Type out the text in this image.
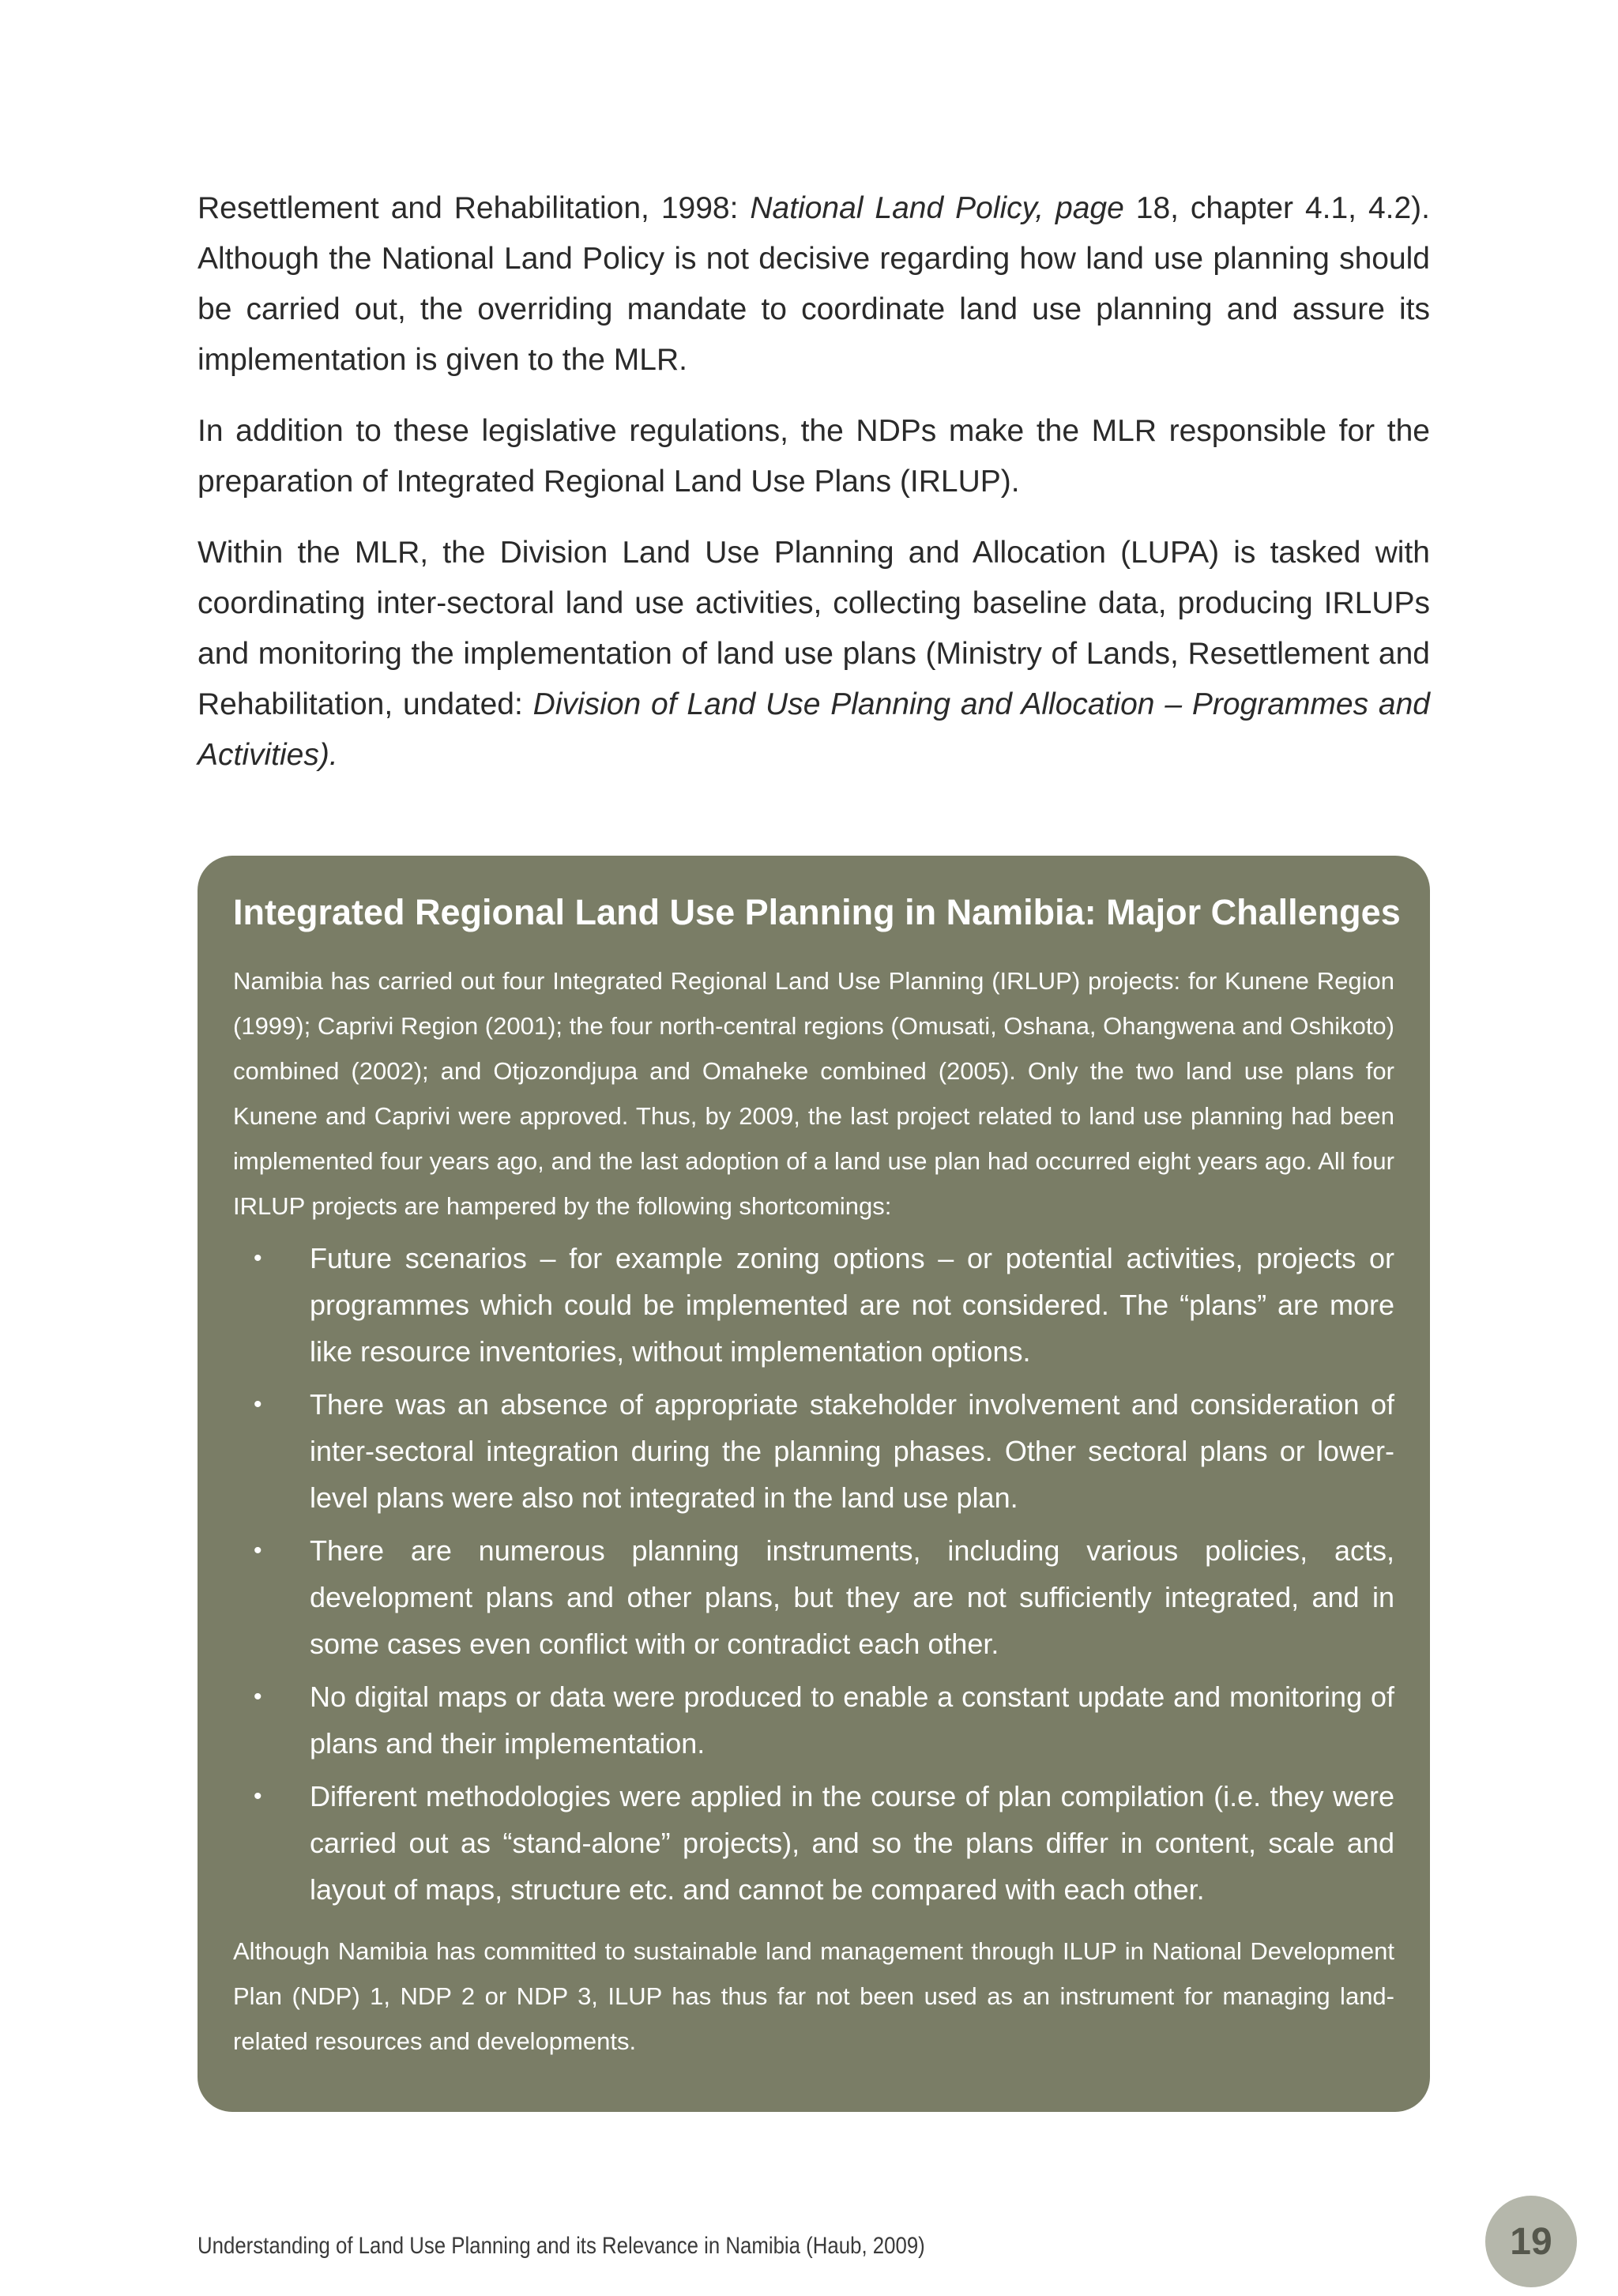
Resettlement and Rehabilitation, 1998: National Land Policy, page 18, chapter 4.1, 4.2). Although the National Land Policy is not decisive regarding how land use planning should be carried out, the overriding mandate to coordinate land use planning and assure its implementation is given to the MLR.

In addition to these legislative regulations, the NDPs make the MLR responsible for the preparation of Integrated Regional Land Use Plans (IRLUP).

Within the MLR, the Division Land Use Planning and Allocation (LUPA) is tasked with coordinating inter-sectoral land use activities, collecting baseline data, producing IRLUPs and monitoring the implementation of land use plans (Ministry of Lands, Resettlement and Rehabilitation, undated: Division of Land Use Planning and Allocation – Programmes and Activities).

Integrated Regional Land Use Planning in Namibia: Major Challenges

Namibia has carried out four Integrated Regional Land Use Planning (IRLUP) projects: for Kunene Region (1999); Caprivi Region (2001); the four north-central regions (Omusati, Oshana, Ohangwena and Oshikoto) combined (2002); and Otjozondjupa and Omaheke combined (2005). Only the two land use plans for Kunene and Caprivi were approved. Thus, by 2009, the last project related to land use planning had been implemented four years ago, and the last adoption of a land use plan had occurred eight years ago. All four IRLUP projects are hampered by the following shortcomings:

• Future scenarios – for example zoning options – or potential activities, projects or programmes which could be implemented are not considered. The “plans” are more like resource inventories, without implementation options.
• There was an absence of appropriate stakeholder involvement and consideration of inter-sectoral integration during the planning phases. Other sectoral plans or lower-level plans were also not integrated in the land use plan.
• There are numerous planning instruments, including various policies, acts, development plans and other plans, but they are not sufficiently integrated, and in some cases even conflict with or contradict each other.
• No digital maps or data were produced to enable a constant update and monitoring of plans and their implementation.
• Different methodologies were applied in the course of plan compilation (i.e. they were carried out as “stand-alone” projects), and so the plans differ in content, scale and layout of maps, structure etc. and cannot be compared with each other.

Although Namibia has committed to sustainable land management through ILUP in National Development Plan (NDP) 1, NDP 2 or NDP 3, ILUP has thus far not been used as an instrument for managing land-related resources and developments.

Understanding of Land Use Planning and its Relevance in Namibia (Haub, 2009)	19
